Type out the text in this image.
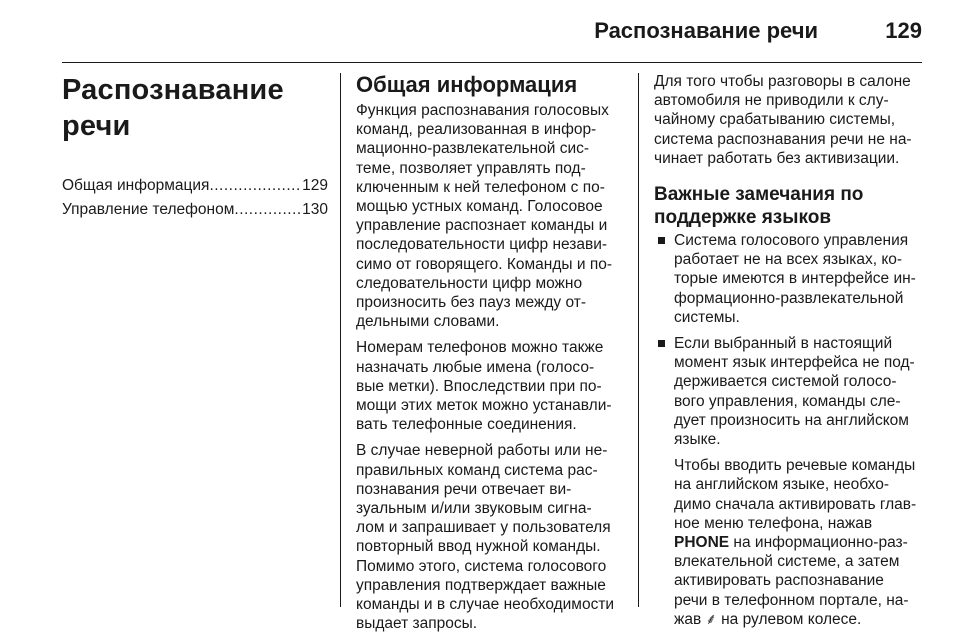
Распознавание речи	129
Распознавание речи
Общая информация .....	129
Управление телефоном .....	130
Общая информация

Функция распознавания голосовых
команд, реализованная в инфор-
мационно-развлекательной сис-
теме, позволяет управлять под-
ключенным к ней телефоном с по-
мощью устных команд. Голосовое
управление распознает команды и
последовательности цифр незави-
симо от говорящего. Команды и по-
следовательности цифр можно
произносить без пауз между от-
дельными словами.

Номерам телефонов можно также
назначать любые имена (голосо-
вые метки). Впоследствии при по-
мощи этих меток можно устанавли-
вать телефонные соединения.

В случае неверной работы или не-
правильных команд система рас-
познавания речи отвечает ви-
зуальным и/или звуковым сигна-
лом и запрашивает у пользователя
повторный ввод нужной команды.
Помимо этого, система голосового
управления подтверждает важные
команды и в случае необходимости
выдает запросы.

Для того чтобы разговоры в салоне
автомобиля не приводили к слу-
чайному срабатыванию системы,
система распознавания речи не на-
чинает работать без активизации.

Важные замечания по
поддержке языков
Система голосового управления
работает не на всех языках, ко-
торые имеются в интерфейсе ин-
формационно-развлекательной
системы.
Если выбранный в настоящий
момент язык интерфейса не под-
держивается системой голосо-
вого управления, команды сле-
дует произносить на английском
языке.

Чтобы вводить речевые команды
на английском языке, необхо-
димо сначала активировать глав-
ное меню телефона, нажав
PHONE на информационно-раз-
влекательной системе, а затем
активировать распознавание
речи в телефонном портале, на-
жав ⸙ на рулевом колесе.
